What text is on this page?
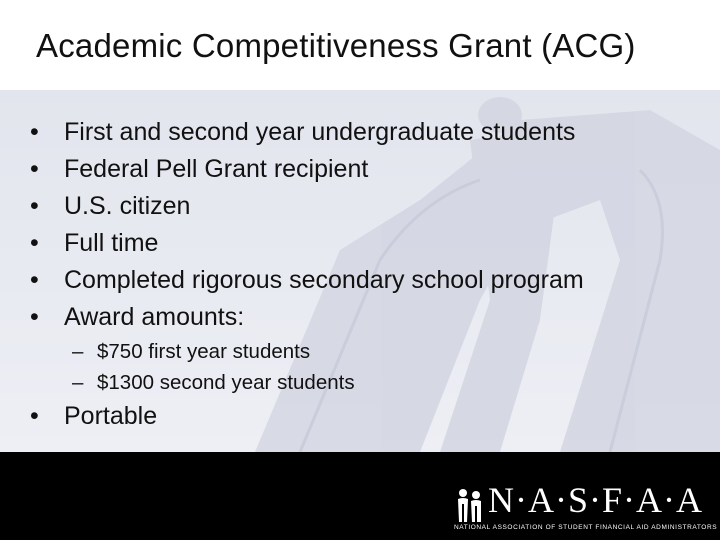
Academic Competitiveness Grant (ACG)
•	First and second year undergraduate students
•	Federal Pell Grant recipient
•	U.S. citizen
•	Full time
•	Completed rigorous secondary school program
•	Award amounts:
– $750 first year students
– $1300 second year students
•	Portable
N·A·S·F·A·A
NATIONAL ASSOCIATION OF STUDENT FINANCIAL AID ADMINISTRATORS
